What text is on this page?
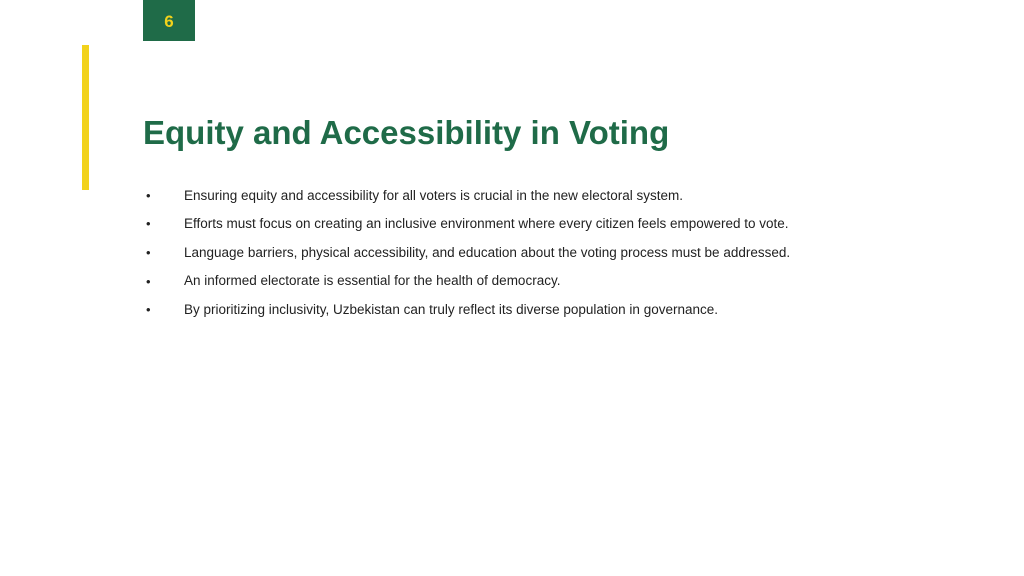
6
Equity and Accessibility in Voting
•	Ensuring equity and accessibility for all voters is crucial in the new electoral system.
•	Efforts must focus on creating an inclusive environment where every citizen feels empowered to vote.
•	Language barriers, physical accessibility, and education about the voting process must be addressed.
•	An informed electorate is essential for the health of democracy.
•	By prioritizing inclusivity, Uzbekistan can truly reflect its diverse population in governance.
